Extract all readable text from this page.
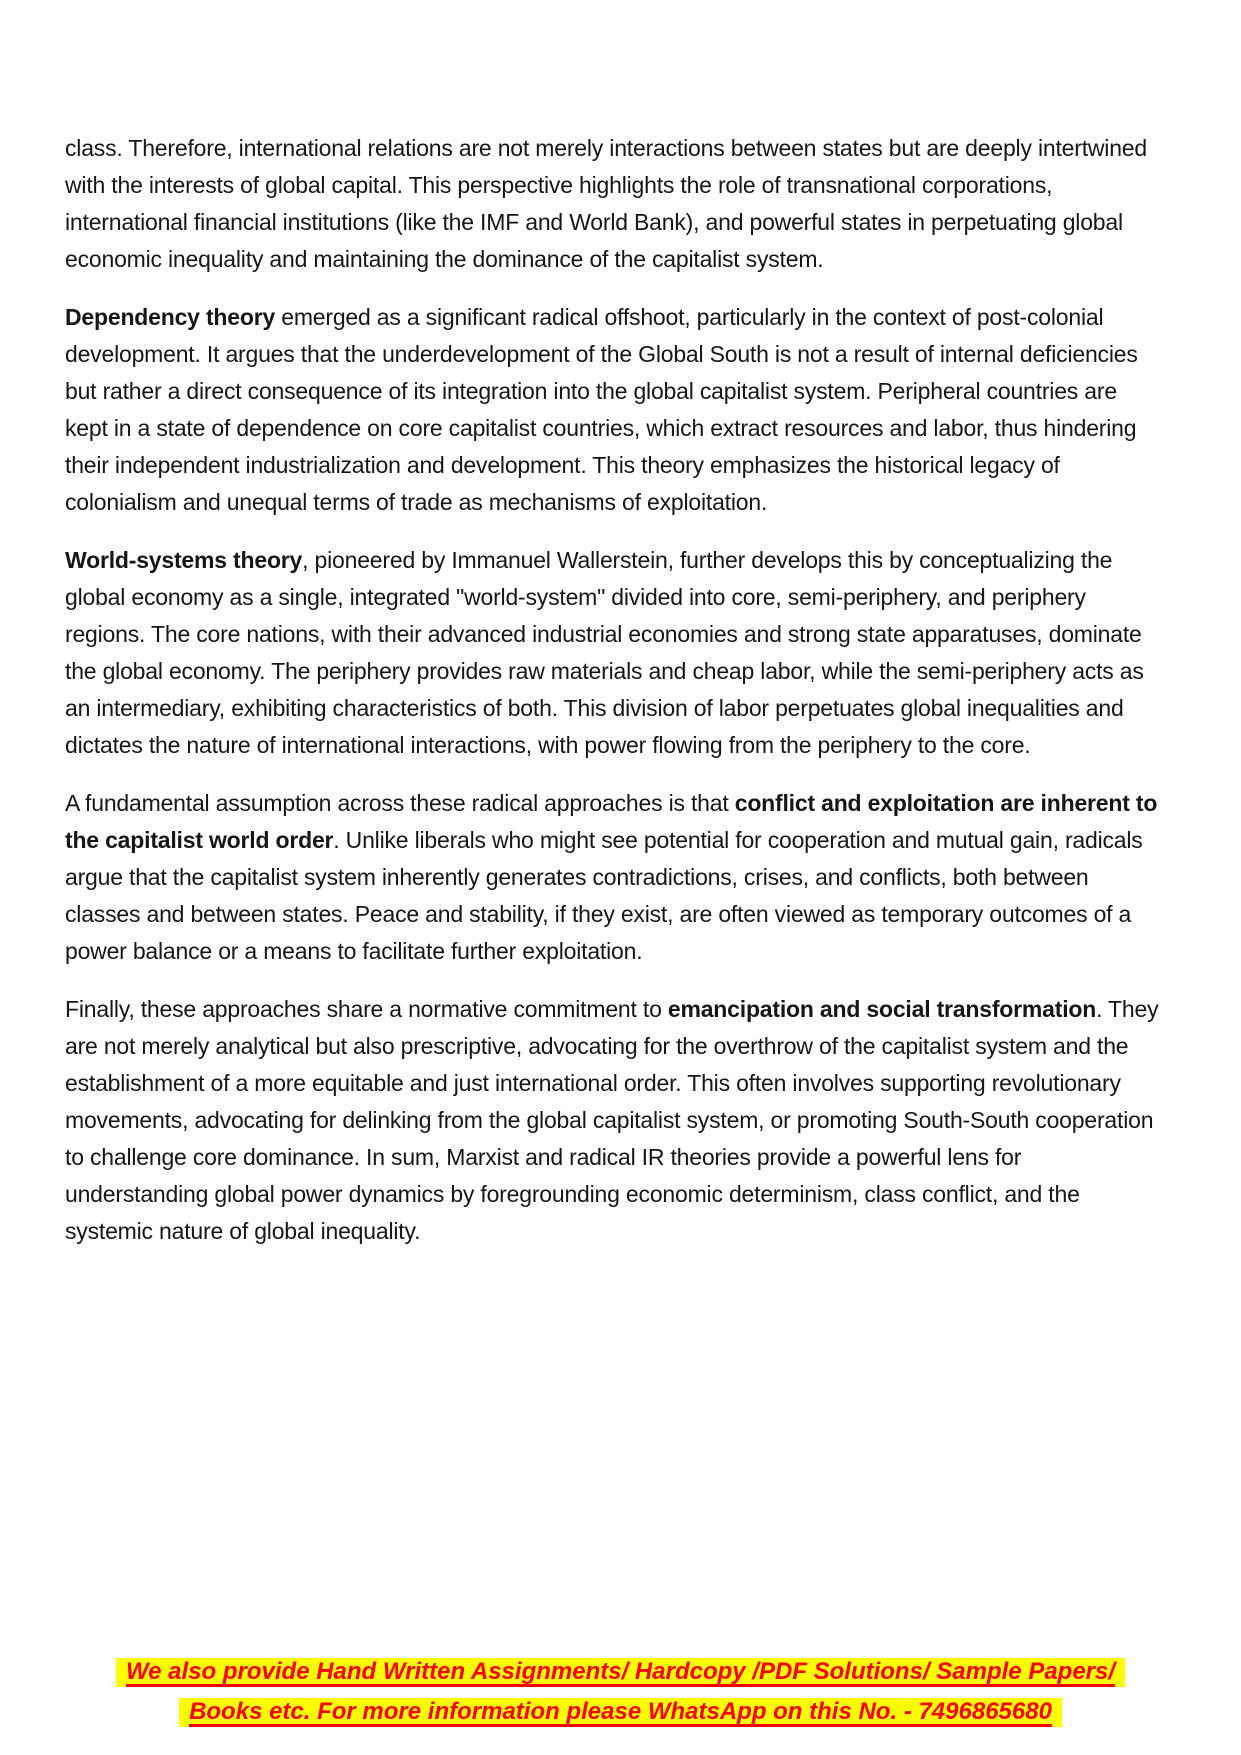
class. Therefore, international relations are not merely interactions between states but are deeply intertwined with the interests of global capital. This perspective highlights the role of transnational corporations, international financial institutions (like the IMF and World Bank), and powerful states in perpetuating global economic inequality and maintaining the dominance of the capitalist system.

Dependency theory emerged as a significant radical offshoot, particularly in the context of post-colonial development. It argues that the underdevelopment of the Global South is not a result of internal deficiencies but rather a direct consequence of its integration into the global capitalist system. Peripheral countries are kept in a state of dependence on core capitalist countries, which extract resources and labor, thus hindering their independent industrialization and development. This theory emphasizes the historical legacy of colonialism and unequal terms of trade as mechanisms of exploitation.

World-systems theory, pioneered by Immanuel Wallerstein, further develops this by conceptualizing the global economy as a single, integrated "world-system" divided into core, semi-periphery, and periphery regions. The core nations, with their advanced industrial economies and strong state apparatuses, dominate the global economy. The periphery provides raw materials and cheap labor, while the semi-periphery acts as an intermediary, exhibiting characteristics of both. This division of labor perpetuates global inequalities and dictates the nature of international interactions, with power flowing from the periphery to the core.

A fundamental assumption across these radical approaches is that conflict and exploitation are inherent to the capitalist world order. Unlike liberals who might see potential for cooperation and mutual gain, radicals argue that the capitalist system inherently generates contradictions, crises, and conflicts, both between classes and between states. Peace and stability, if they exist, are often viewed as temporary outcomes of a power balance or a means to facilitate further exploitation.

Finally, these approaches share a normative commitment to emancipation and social transformation. They are not merely analytical but also prescriptive, advocating for the overthrow of the capitalist system and the establishment of a more equitable and just international order. This often involves supporting revolutionary movements, advocating for delinking from the global capitalist system, or promoting South-South cooperation to challenge core dominance. In sum, Marxist and radical IR theories provide a powerful lens for understanding global power dynamics by foregrounding economic determinism, class conflict, and the systemic nature of global inequality.

We also provide Hand Written Assignments/ Hardcopy /PDF Solutions/ Sample Papers/

Books etc. For more information please WhatsApp on this No. - 7496865680
